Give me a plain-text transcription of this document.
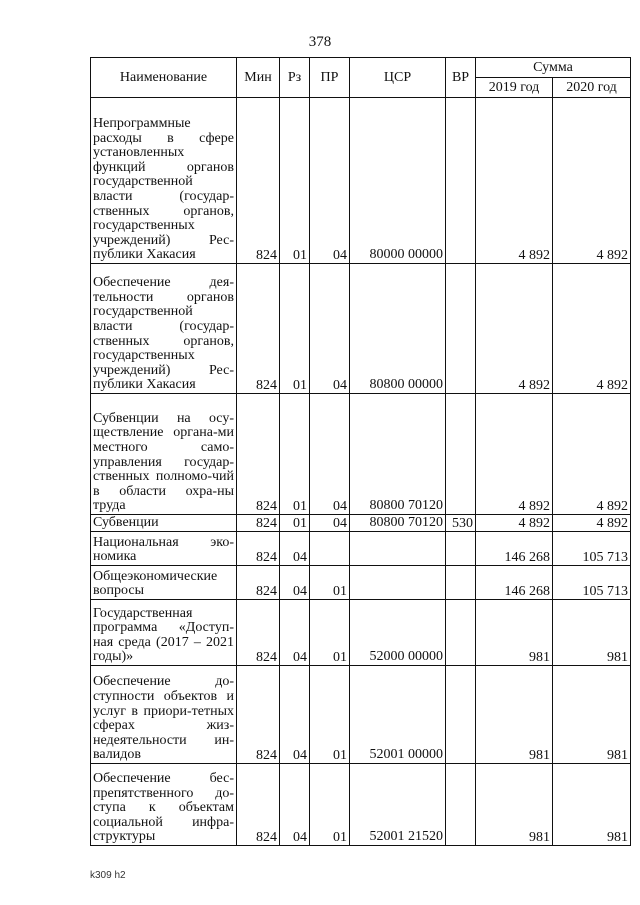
378
Наименование	Мин	Рз	ПР	ЦСР	ВР	Сумма	
						2019 год	2020 год
Непрограммные расходы в сфере установленных функций органов государственной власти (государ-ственных органов, государственных учреждений) Рес-публики Хакасия	824	01	04	80000 00000		4 892	4 892
Обеспечение дея-тельности органов государственной власти (государ-ственных органов, государственных учреждений) Рес-публики Хакасия	824	01	04	80800 00000		4 892	4 892
Субвенции на осу-ществление органа-ми местного само-управления государ-ственных полномо-чий в области охра-ны труда	824	01	04	80800 70120		4 892	4 892
Субвенции	824	01	04	80800 70120	530	4 892	4 892
Национальная эко-номика	824	04				146 268	105 713
Общеэкономические вопросы	824	04	01			146 268	105 713
Государственная программа «Доступ-ная среда (2017 – 2021 годы)»	824	04	01	52000 00000		981	981
Обеспечение до-ступности объектов и услуг в приори-тетных сферах жиз-недеятельности ин-валидов	824	04	01	52001 00000		981	981
Обеспечение бес-препятственного до-ступа к объектам социальной инфра-структуры	824	04	01	52001 21520		981	981
k309 h2
